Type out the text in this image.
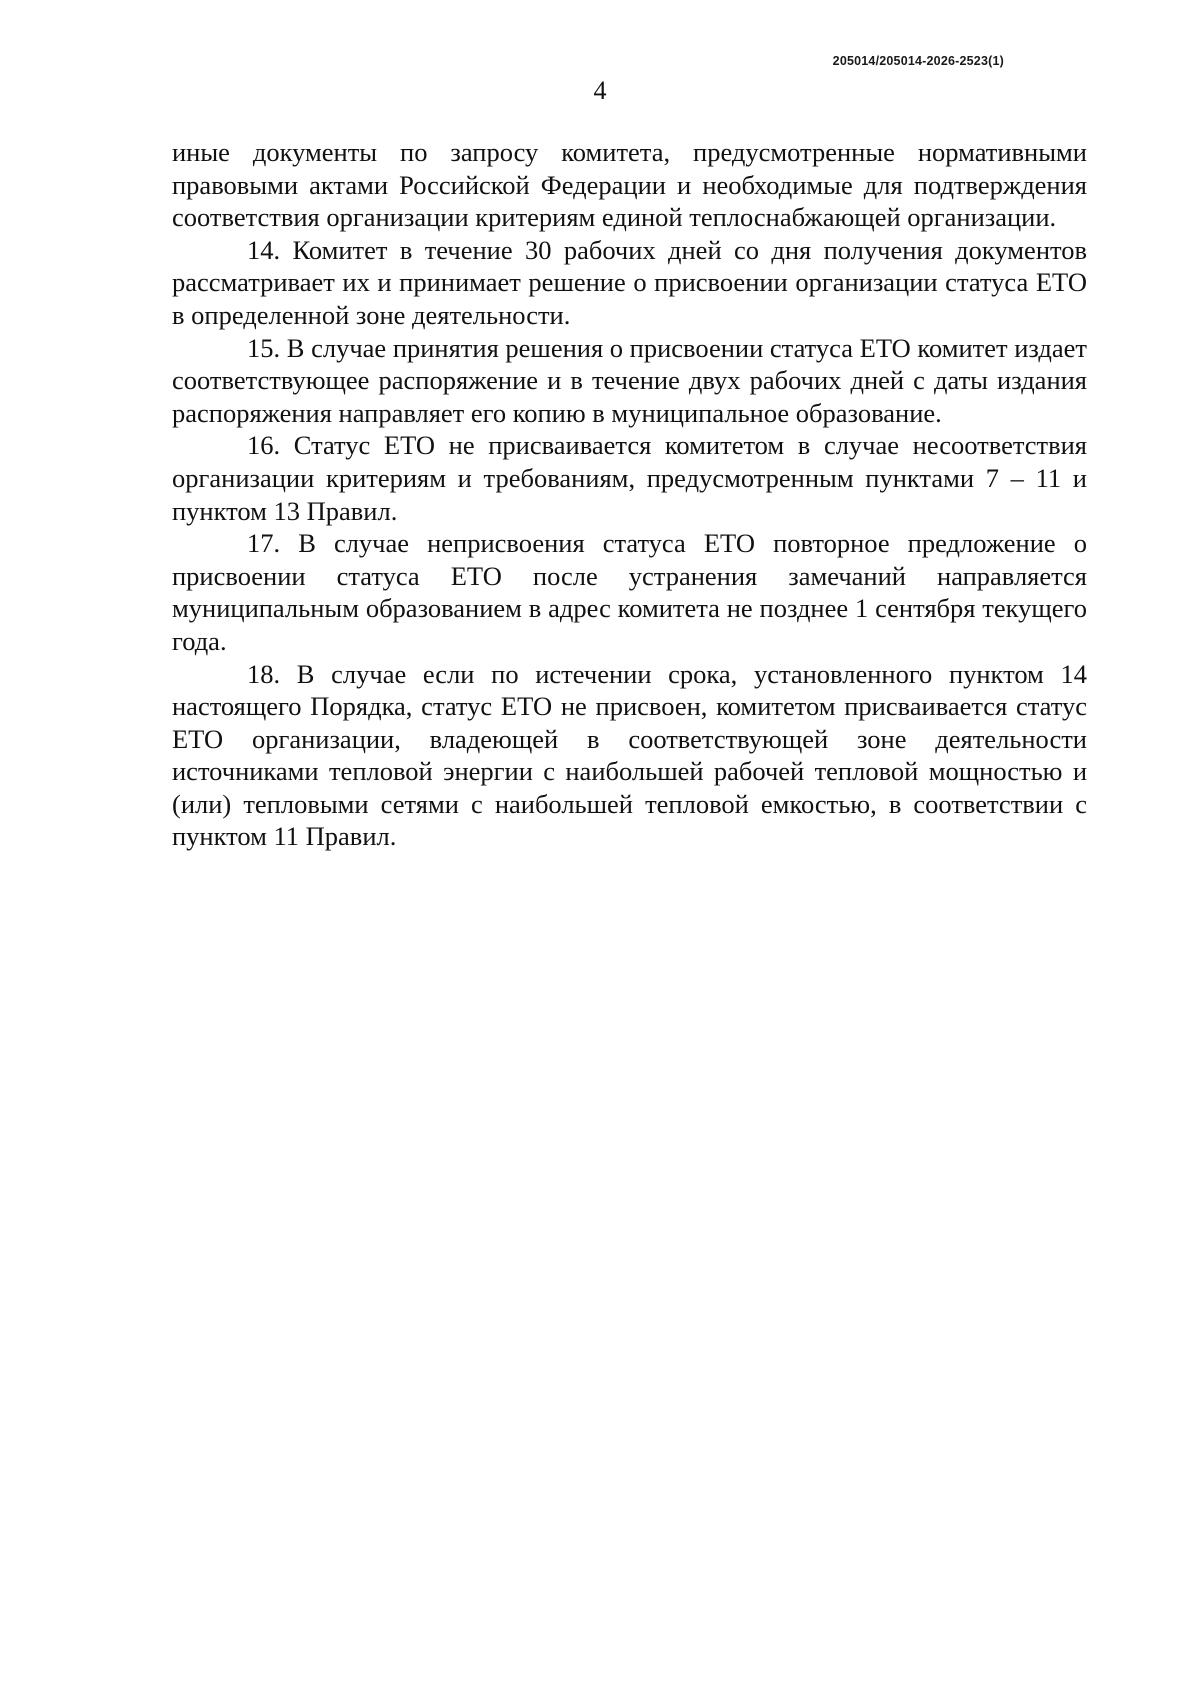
205014/205014-2026-2523(1)
4

иные документы по запросу комитета, предусмотренные нормативными правовыми актами Российской Федерации и необходимые для подтверждения соответствия организации критериям единой теплоснабжающей организации.

14. Комитет в течение 30 рабочих дней со дня получения документов рассматривает их и принимает решение о присвоении организации статуса ЕТО в определенной зоне деятельности.

15. В случае принятия решения о присвоении статуса ЕТО комитет издает соответствующее распоряжение и в течение двух рабочих дней с даты издания распоряжения направляет его копию в муниципальное образование.

16. Статус ЕТО не присваивается комитетом в случае несоответствия организации критериям и требованиям, предусмотренным пунктами 7 – 11 и пунктом 13 Правил.

17. В случае неприсвоения статуса ЕТО повторное предложение о присвоении статуса ЕТО после устранения замечаний направляется муниципальным образованием в адрес комитета не позднее 1 сентября текущего года.

18. В случае если по истечении срока, установленного пунктом 14 настоящего Порядка, статус ЕТО не присвоен, комитетом присваивается статус ЕТО организации, владеющей в соответствующей зоне деятельности источниками тепловой энергии с наибольшей рабочей тепловой мощностью и (или) тепловыми сетями с наибольшей тепловой емкостью, в соответствии с пунктом 11 Правил.
